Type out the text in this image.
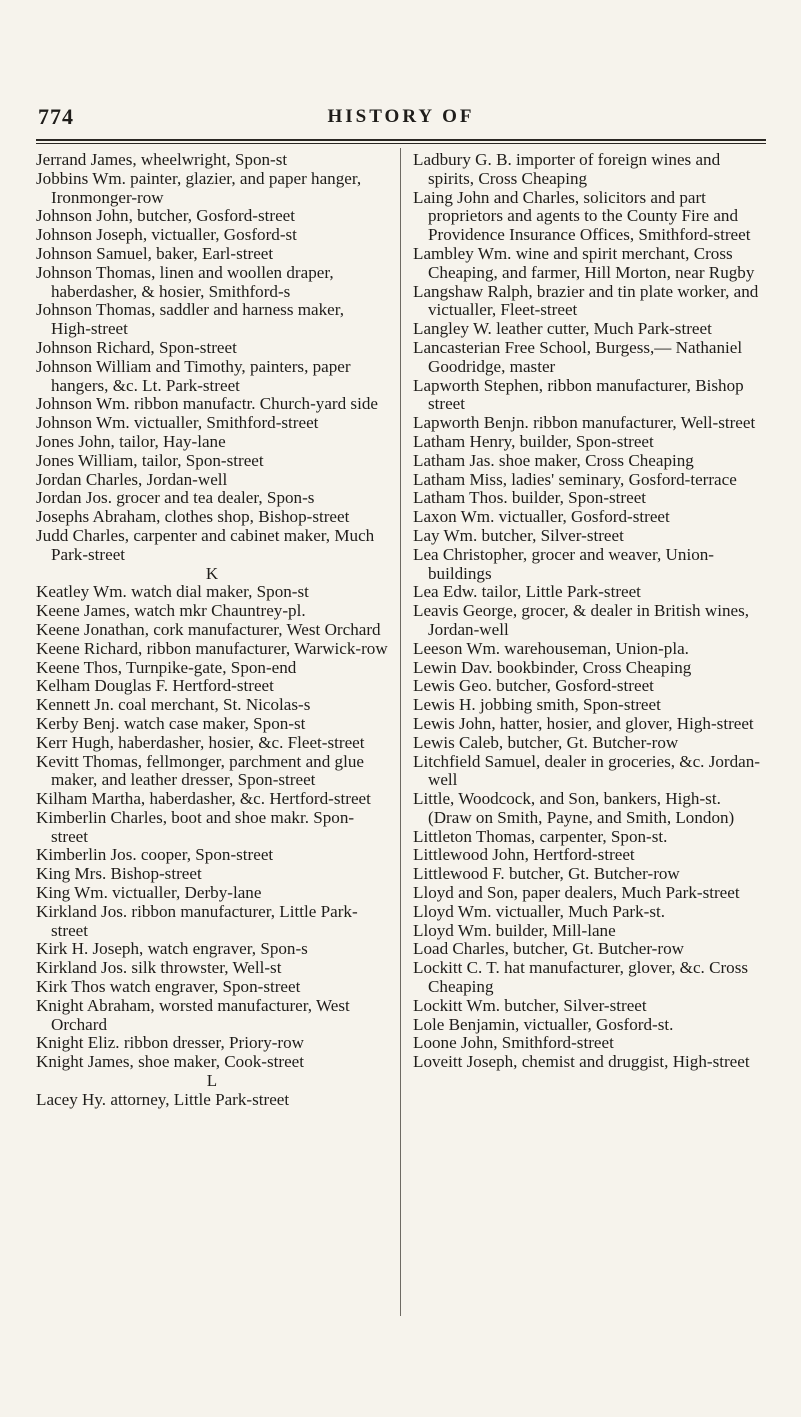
774	HISTORY OF
Jerrand James, wheelwright, Spon-st
Jobbins Wm. painter, glazier, and paper hanger, Ironmonger-row
Johnson John, butcher, Gosford-street
Johnson Joseph, victualler, Gosford-st
Johnson Samuel, baker, Earl-street
Johnson Thomas, linen and woollen draper, haberdasher, & hosier, Smithford-s
Johnson Thomas, saddler and harness maker, High-street
Johnson Richard, Spon-street
Johnson William and Timothy, painters, paper hangers, &c. Lt. Park-street
Johnson Wm. ribbon manufactr. Church-yard side
Johnson Wm. victualler, Smithford-street
Jones John, tailor, Hay-lane
Jones William, tailor, Spon-street
Jordan Charles, Jordan-well
Jordan Jos. grocer and tea dealer, Spon-s
Josephs Abraham, clothes shop, Bishop-street
Judd Charles, carpenter and cabinet maker, Much Park-street
K
Keatley Wm. watch dial maker, Spon-st
Keene James, watch mkr Chauntrey-pl.
Keene Jonathan, cork manufacturer, West Orchard
Keene Richard, ribbon manufacturer, Warwick-row
Keene Thos, Turnpike-gate, Spon-end
Kelham Douglas F. Hertford-street
Kennett Jn. coal merchant, St. Nicolas-s
Kerby Benj. watch case maker, Spon-st
Kerr Hugh, haberdasher, hosier, &c. Fleet-street
Kevitt Thomas, fellmonger, parchment and glue maker, and leather dresser, Spon-street
Kilham Martha, haberdasher, &c. Hertford-street
Kimberlin Charles, boot and shoe makr. Spon-street
Kimberlin Jos. cooper, Spon-street
King Mrs. Bishop-street
King Wm. victualler, Derby-lane
Kirkland Jos. ribbon manufacturer, Little Park-street
Kirk H. Joseph, watch engraver, Spon-s
Kirkland Jos. silk throwster, Well-st
Kirk Thos watch engraver, Spon-street
Knight Abraham, worsted manufacturer, West Orchard
Knight Eliz. ribbon dresser, Priory-row
Knight James, shoe maker, Cook-street
L
Lacey Hy. attorney, Little Park-street
Ladbury G. B. importer of foreign wines and spirits, Cross Cheaping
Laing John and Charles, solicitors and part proprietors and agents to the County Fire and Providence Insurance Offices, Smithford-street
Lambley Wm. wine and spirit merchant, Cross Cheaping, and farmer, Hill Morton, near Rugby
Langshaw Ralph, brazier and tin plate worker, and victualler, Fleet-street
Langley W. leather cutter, Much Park-street
Lancasterian Free School, Burgess,— Nathaniel Goodridge, master
Lapworth Stephen, ribbon manufacturer, Bishop street
Lapworth Benjn. ribbon manufacturer, Well-street
Latham Henry, builder, Spon-street
Latham Jas. shoe maker, Cross Cheaping
Latham Miss, ladies' seminary, Gosford-terrace
Latham Thos. builder, Spon-street
Laxon Wm. victualler, Gosford-street
Lay Wm. butcher, Silver-street
Lea Christopher, grocer and weaver, Union-buildings
Lea Edw. tailor, Little Park-street
Leavis George, grocer, & dealer in British wines, Jordan-well
Leeson Wm. warehouseman, Union-pla.
Lewin Dav. bookbinder, Cross Cheaping
Lewis Geo. butcher, Gosford-street
Lewis H. jobbing smith, Spon-street
Lewis John, hatter, hosier, and glover, High-street
Lewis Caleb, butcher, Gt. Butcher-row
Litchfield Samuel, dealer in groceries, &c. Jordan-well
Little, Woodcock, and Son, bankers, High-st. (Draw on Smith, Payne, and Smith, London)
Littleton Thomas, carpenter, Spon-st.
Littlewood John, Hertford-street
Littlewood F. butcher, Gt. Butcher-row
Lloyd and Son, paper dealers, Much Park-street
Lloyd Wm. victualler, Much Park-st.
Lloyd Wm. builder, Mill-lane
Load Charles, butcher, Gt. Butcher-row
Lockitt C. T. hat manufacturer, glover, &c. Cross Cheaping
Lockitt Wm. butcher, Silver-street
Lole Benjamin, victualler, Gosford-st.
Loone John, Smithford-street
Loveitt Joseph, chemist and druggist, High-street
